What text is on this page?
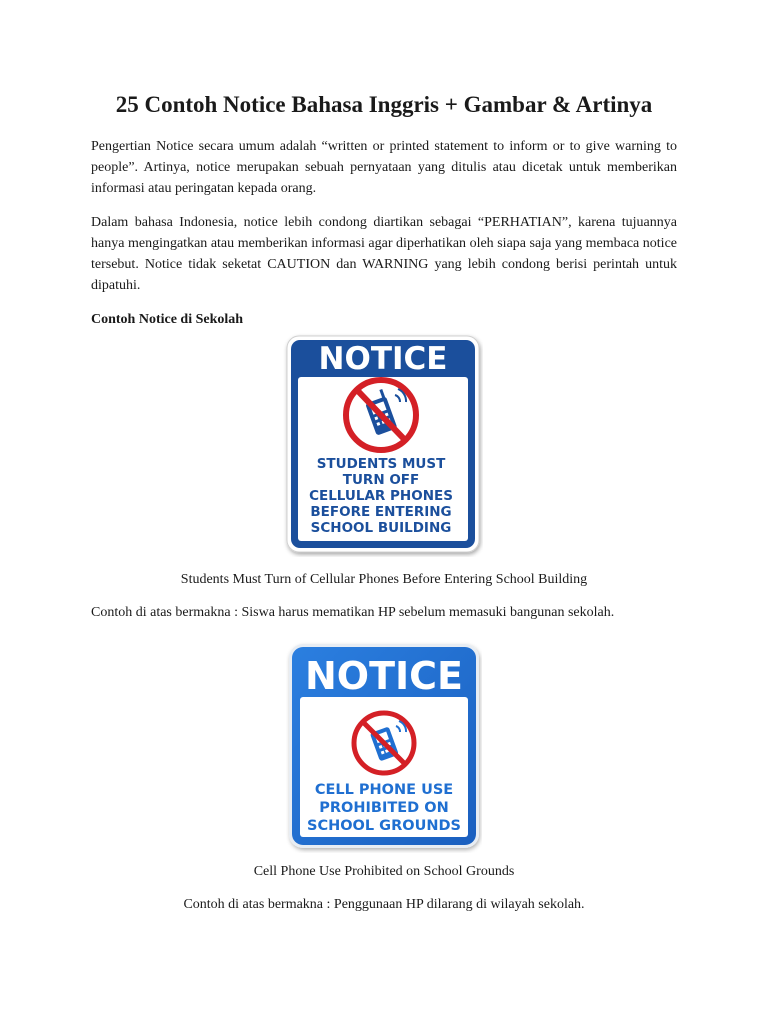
25 Contoh Notice Bahasa Inggris + Gambar & Artinya

Pengertian Notice secara umum adalah “written or printed statement to inform or to give warning to people”. Artinya, notice merupakan sebuah pernyataan yang ditulis atau dicetak untuk memberikan informasi atau peringatan kepada orang.

Dalam bahasa Indonesia, notice lebih condong diartikan sebagai “PERHATIAN”, karena tujuannya hanya mengingatkan atau memberikan informasi agar diperhatikan oleh siapa saja yang membaca notice tersebut. Notice tidak seketat CAUTION dan WARNING yang lebih condong berisi perintah untuk dipatuhi.

Contoh Notice di Sekolah

NOTICE
STUDENTS MUST
TURN OFF
CELLULAR PHONES
BEFORE ENTERING
SCHOOL BUILDING

Students Must Turn of Cellular Phones Before Entering School Building

Contoh di atas bermakna : Siswa harus mematikan HP sebelum memasuki bangunan sekolah.

NOTICE
CELL PHONE USE
PROHIBITED ON
SCHOOL GROUNDS

Cell Phone Use Prohibited on School Grounds

Contoh di atas bermakna : Penggunaan HP dilarang di wilayah sekolah.
